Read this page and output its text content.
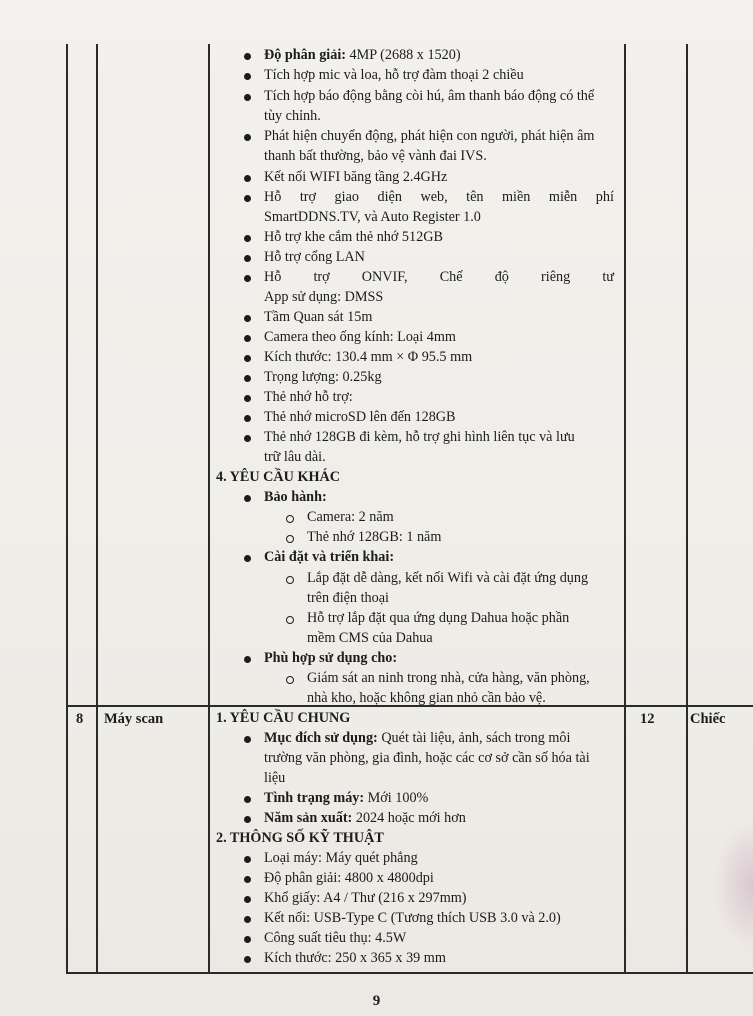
8 Máy scan	12 Chiếc
Độ phân giải: 4MP (2688 x 1520)
Tích hợp mic và loa, hỗ trợ đàm thoại 2 chiều
Tích hợp báo động bằng còi hú, âm thanh báo động có thể
tùy chỉnh.
Phát hiện chuyển động, phát hiện con người, phát hiện âm
thanh bất thường, bảo vệ vành đai IVS.
Kết nối WIFI băng tầng 2.4GHz
Hỗ trợ giao diện web, tên miền miễn phí
SmartDDNS.TV, và Auto Register 1.0
Hỗ trợ khe cắm thẻ nhớ 512GB
Hỗ trợ cổng LAN
Hỗ trợ ONVIF, Chế độ riêng tư
App sử dụng: DMSS
Tầm Quan sát 15m
Camera theo ống kính: Loại 4mm
Kích thước: 130.4 mm × Φ 95.5 mm
Trọng lượng: 0.25kg
Thẻ nhớ hỗ trợ:
Thẻ nhớ microSD lên đến 128GB
Thẻ nhớ 128GB đi kèm, hỗ trợ ghi hình liên tục và lưu
trữ lâu dài.
4. YÊU CẦU KHÁC
Bảo hành:
Camera: 2 năm
Thẻ nhớ 128GB: 1 năm
Cài đặt và triển khai:
Lắp đặt dễ dàng, kết nối Wifi và cài đặt ứng dụng
trên điện thoại
Hỗ trợ lắp đặt qua ứng dụng Dahua hoặc phần
mềm CMS của Dahua
Phù hợp sử dụng cho:
Giám sát an ninh trong nhà, cửa hàng, văn phòng,
nhà kho, hoặc không gian nhỏ cần bảo vệ.
1. YÊU CẦU CHUNG
Mục đích sử dụng: Quét tài liệu, ảnh, sách trong môi
trường văn phòng, gia đình, hoặc các cơ sở cần số hóa tài
liệu
Tình trạng máy: Mới 100%
Năm sản xuất: 2024 hoặc mới hơn
2. THÔNG SỐ KỸ THUẬT
Loại máy: Máy quét phẳng
Độ phân giải: 4800 x 4800dpi
Khổ giấy: A4 / Thư (216 x 297mm)
Kết nối: USB-Type C (Tương thích USB 3.0 và 2.0)
Công suất tiêu thụ: 4.5W
Kích thước: 250 x 365 x 39 mm
9
